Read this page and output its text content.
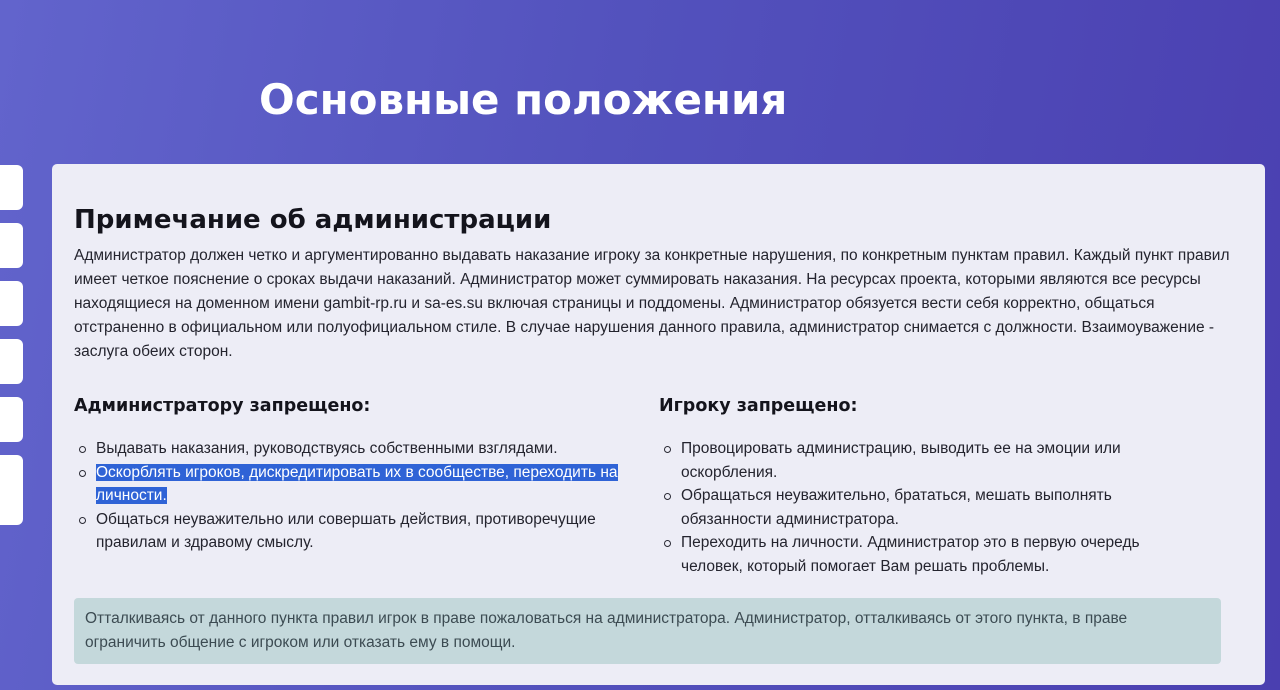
Основные положения
Примечание об администрации

Администратор должен четко и аргументированно выдавать наказание игроку за конкретные нарушения, по конкретным пунктам правил. Каждый пункт правил имеет четкое пояснение о сроках выдачи наказаний. Администратор может суммировать наказания. На ресурсах проекта, которыми являются все ресурсы находящиеся на доменном имени gambit-rp.ru и sa-es.su включая страницы и поддомены. Администратор обязуется вести себя корректно, общаться отстраненно в официальном или полуофициальном стиле. В случае нарушения данного правила, администратор снимается с должности. Взаимоуважение - заслуга обеих сторон.

Администратору запрещено:
Выдавать наказания, руководствуясь собственными взглядами.
Оскорблять игроков, дискредитировать их в сообществе, переходить на личности.
Общаться неуважительно или совершать действия, противоречущие правилам и здравому смыслу.
Игроку запрещено:
Провоцировать администрацию, выводить ее на эмоции или оскорбления.
Обращаться неуважительно, брататься, мешать выполнять обязанности администратора.
Переходить на личности. Администратор это в первую очередь человек, который помогает Вам решать проблемы.
Отталкиваясь от данного пункта правил игрок в праве пожаловаться на администратора. Администратор, отталкиваясь от этого пункта, в праве ограничить общение с игроком или отказать ему в помощи.
